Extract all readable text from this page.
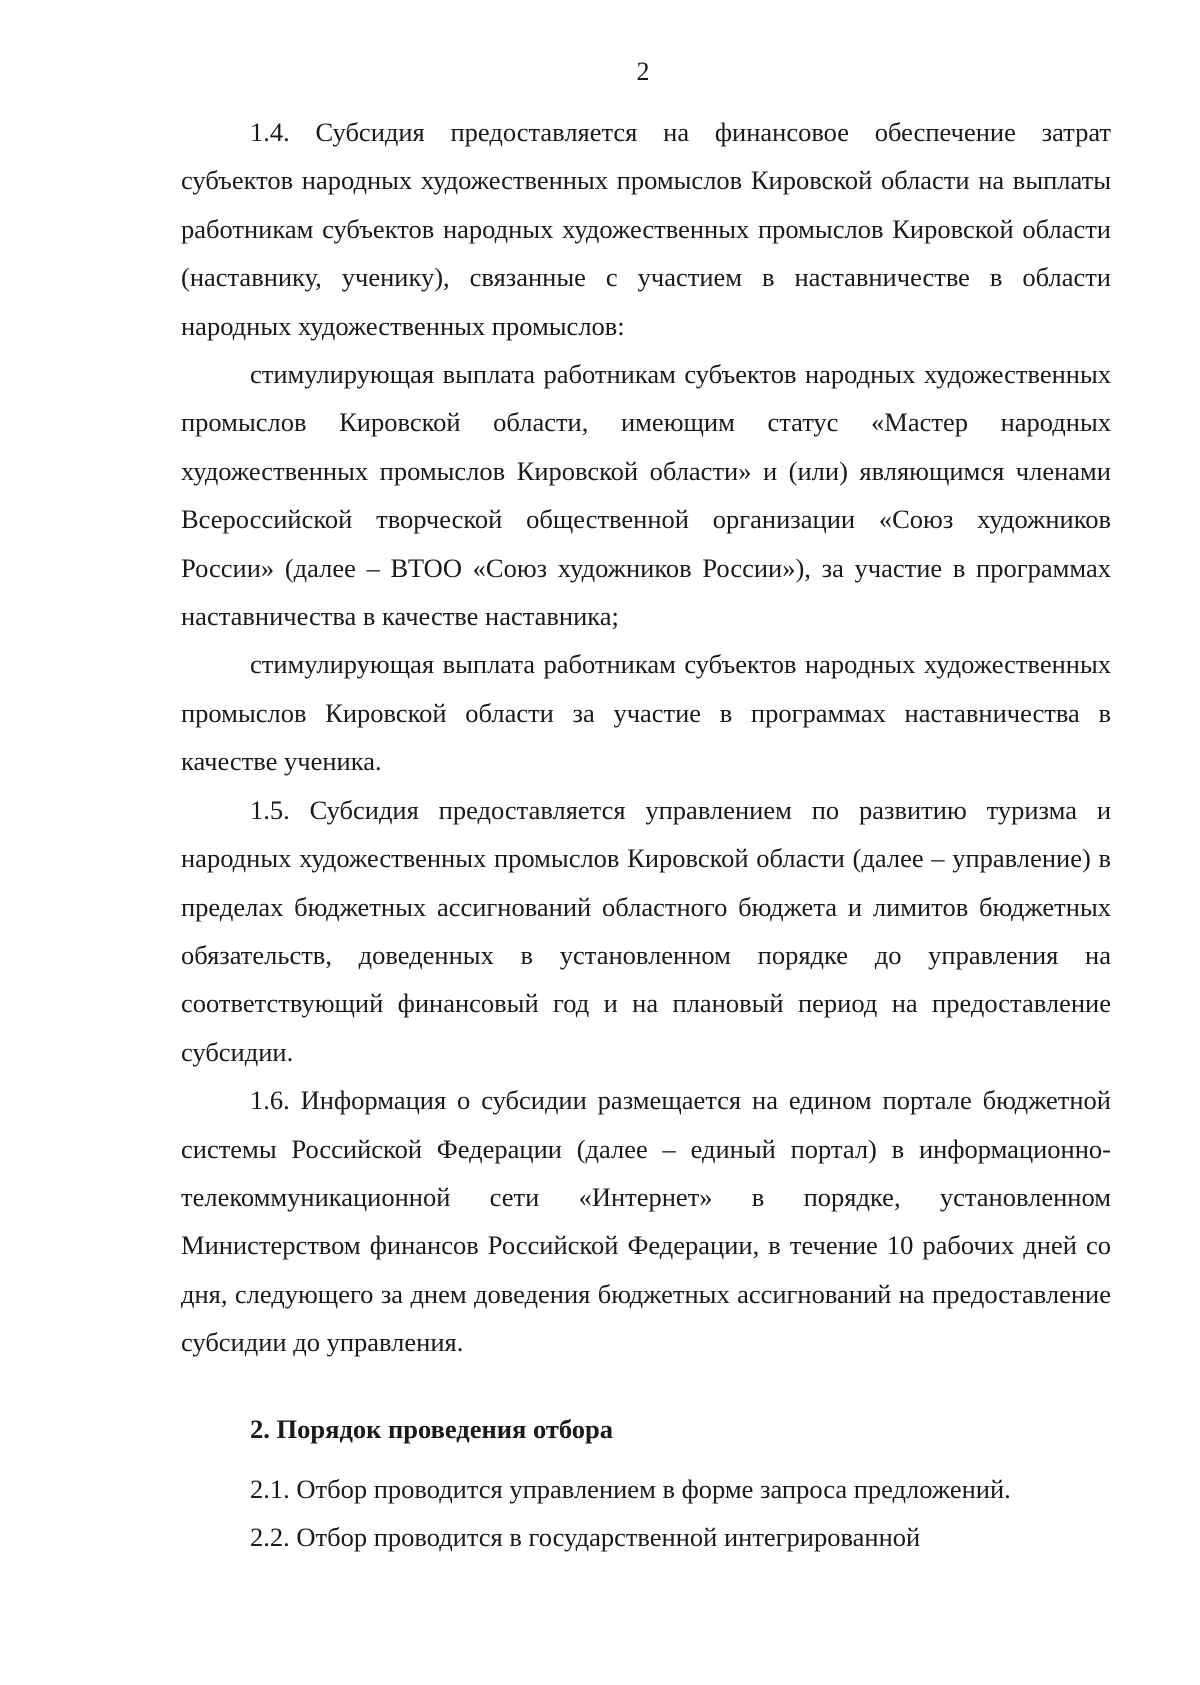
2

1.4. Субсидия предоставляется на финансовое обеспечение затрат субъектов народных художественных промыслов Кировской области на выплаты работникам субъектов народных художественных промыслов Кировской области (наставнику, ученику), связанные с участием в наставничестве в области народных художественных промыслов:

стимулирующая выплата работникам субъектов народных художественных промыслов Кировской области, имеющим статус «Мастер народных художественных промыслов Кировской области» и (или) являющимся членами Всероссийской творческой общественной организации «Союз художников России» (далее – ВТОО «Союз художников России»), за участие в программах наставничества в качестве наставника;

стимулирующая выплата работникам субъектов народных художественных промыслов Кировской области за участие в программах наставничества в качестве ученика.

1.5. Субсидия предоставляется управлением по развитию туризма и народных художественных промыслов Кировской области (далее – управление) в пределах бюджетных ассигнований областного бюджета и лимитов бюджетных обязательств, доведенных в установленном порядке до управления на соответствующий финансовый год и на плановый период на предоставление субсидии.

1.6. Информация о субсидии размещается на едином портале бюджетной системы Российской Федерации (далее – единый портал) в информационно-телекоммуникационной сети «Интернет» в порядке, установленном Министерством финансов Российской Федерации, в течение 10 рабочих дней со дня, следующего за днем доведения бюджетных ассигнований на предоставление субсидии до управления.

2. Порядок проведения отбора

2.1. Отбор проводится управлением в форме запроса предложений.

2.2. Отбор проводится в государственной интегрированной
